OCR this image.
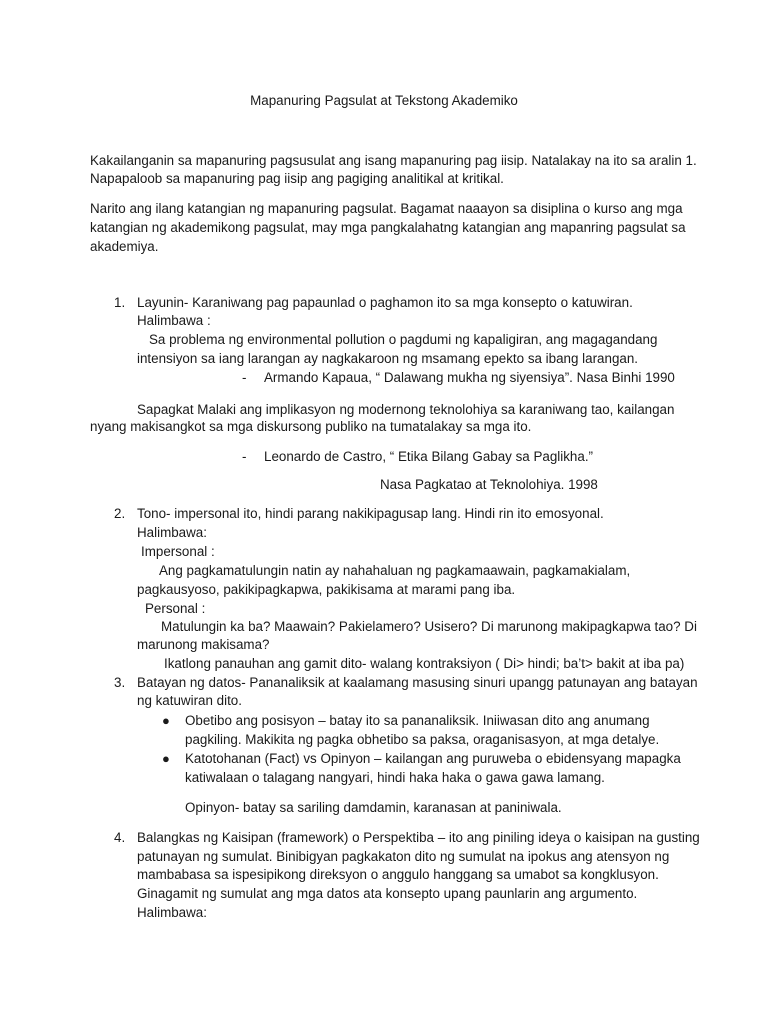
Mapanuring Pagsulat at Tekstong Akademiko
Kakailanganin sa mapanuring pagsusulat ang isang mapanuring pag iisip. Natalakay na ito sa aralin 1.
Napapaloob sa mapanuring pag iisip ang pagiging analitikal at kritikal.
Narito ang ilang katangian ng mapanuring pagsulat. Bagamat naaayon sa disiplina o kurso ang mga
katangian ng akademikong pagsulat, may mga pangkalahatng katangian ang mapanring pagsulat sa
akademiya.
1. Layunin- Karaniwang pag papaunlad o paghamon ito sa mga konsepto o katuwiran.
Halimbawa :
Sa problema ng environmental pollution o pagdumi ng kapaligiran, ang magagandang
intensiyon sa iang larangan ay nagkakaroon ng msamang epekto sa ibang larangan.
- Armando Kapaua, “ Dalawang mukha ng siyensiya”. Nasa Binhi 1990
Sapagkat Malaki ang implikasyon ng modernong teknolohiya sa karaniwang tao, kailangan
nyang makisangkot sa mga diskursong publiko na tumatalakay sa mga ito.
- Leonardo de Castro, “ Etika Bilang Gabay sa Paglikha.”
Nasa Pagkatao at Teknolohiya. 1998
2. Tono- impersonal ito, hindi parang nakikipagusap lang. Hindi rin ito emosyonal.
Halimbawa:
Impersonal :
Ang pagkamatulungin natin ay nahahaluan ng pagkamaawain, pagkamakialam,
pagkausyoso, pakikipagkapwa, pakikisama at marami pang iba.
Personal :
Matulungin ka ba? Maawain? Pakielamero? Usisero? Di marunong makipagkapwa tao? Di
marunong makisama?
Ikatlong panauhan ang gamit dito- walang kontraksiyon ( Di> hindi; ba’t> bakit at iba pa)
3. Batayan ng datos- Pananaliksik at kaalamang masusing sinuri upangg patunayan ang batayan
ng katuwiran dito.
● Obetibo ang posisyon – batay ito sa pananaliksik. Iniiwasan dito ang anumang
pagkiling. Makikita ng pagka obhetibo sa paksa, oraganisasyon, at mga detalye.
● Katotohanan (Fact) vs Opinyon – kailangan ang puruweba o ebidensyang mapagka
katiwalaan o talagang nangyari, hindi haka haka o gawa gawa lamang.
Opinyon- batay sa sariling damdamin, karanasan at paniniwala.
4. Balangkas ng Kaisipan (framework) o Perspektiba – ito ang piniling ideya o kaisipan na gusting
patunayan ng sumulat. Binibigyan pagkakaton dito ng sumulat na ipokus ang atensyon ng
mambabasa sa ispesipikong direksyon o anggulo hanggang sa umabot sa kongklusyon.
Ginagamit ng sumulat ang mga datos ata konsepto upang paunlarin ang argumento.
Halimbawa:
